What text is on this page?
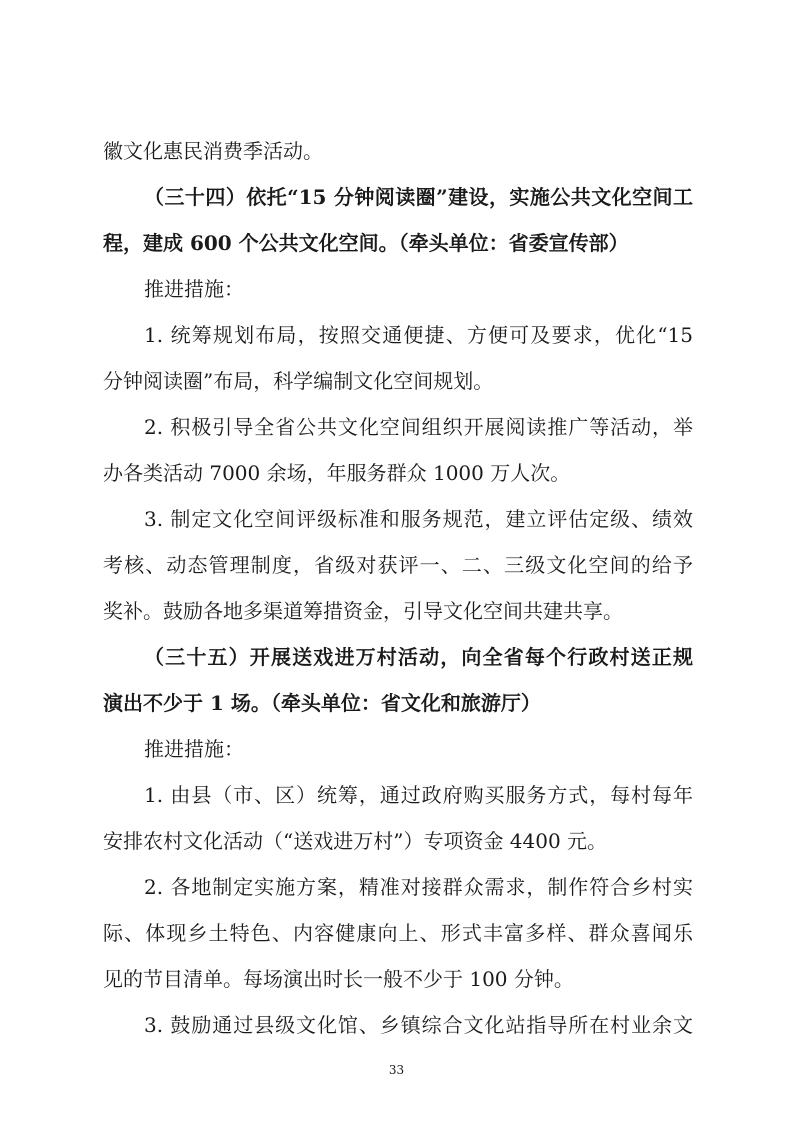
徽文化惠民消费季活动。
（三十四）依托“15 分钟阅读圈”建设，实施公共文化空间工
程，建成 600 个公共文化空间。（牵头单位：省委宣传部）
推进措施：
1. 统筹规划布局，按照交通便捷、方便可及要求，优化“15
分钟阅读圈”布局，科学编制文化空间规划。
2. 积极引导全省公共文化空间组织开展阅读推广等活动，举
办各类活动 7000 余场，年服务群众 1000 万人次。
3. 制定文化空间评级标准和服务规范，建立评估定级、绩效
考核、动态管理制度，省级对获评一、二、三级文化空间的给予
奖补。鼓励各地多渠道筹措资金，引导文化空间共建共享。
（三十五）开展送戏进万村活动，向全省每个行政村送正规
演出不少于 1 场。（牵头单位：省文化和旅游厅）
推进措施：
1. 由县（市、区）统筹，通过政府购买服务方式，每村每年
安排农村文化活动（“送戏进万村”）专项资金 4400 元。
2. 各地制定实施方案，精准对接群众需求，制作符合乡村实
际、体现乡土特色、内容健康向上、形式丰富多样、群众喜闻乐
见的节目清单。每场演出时长一般不少于 100 分钟。
3. 鼓励通过县级文化馆、乡镇综合文化站指导所在村业余文
33
